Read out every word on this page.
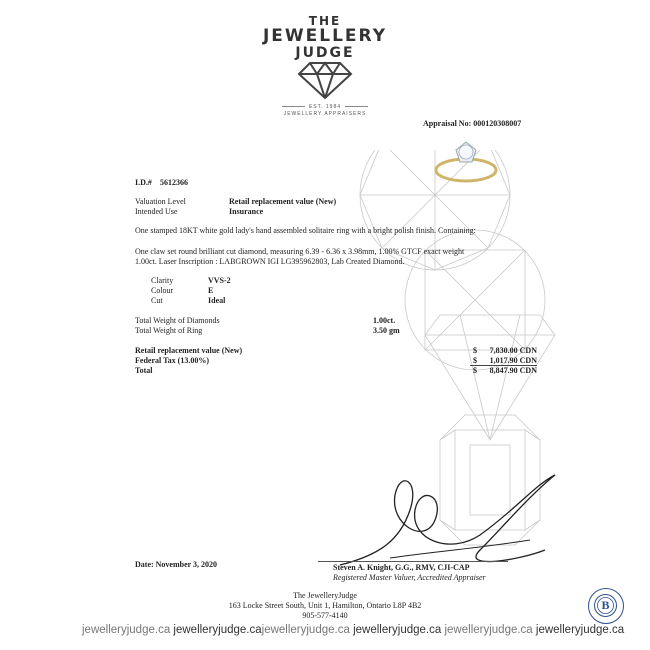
THE
JEWELLERY
JUDGE
EST. 1984
JEWELLERY APPRAISERS
Appraisal No: 000120308007
I.D.# 5612366
Valuation Level	Retail replacement value (New)
Intended Use	Insurance
One stamped 18KT white gold lady's hand assembled solitaire ring with a bright polish finish. Containing:
One claw set round brilliant cut diamond, measuring 6.39 - 6.36 x 3.98mm, 1.00% GTCF exact weight
1.00ct. Laser Inscription : LABGROWN IGI LG395962803, Lab Created Diamond.
Clarity	VVS-2
Colour	E
Cut	Ideal
Total Weight of Diamonds	1.00ct.
Total Weight of Ring	3.50 gm
Retail replacement value (New)	$	7,830.00 CDN
Federal Tax (13.00%)	$	1,017.90 CDN
Total	$	8,847.90 CDN
Date: November 3, 2020	Steven A. Knight, G.G., RMV, CJI-CAP
Registered Master Valuer, Accredited Appraiser
The JewelleryJudge
163 Locke Street South, Unit 1, Hamilton, Ontario L8P 4B2
905-577-4140
jewelleryjudge.ca jewelleryjudge.cajewelleryjudge.ca jewelleryjudge.ca jewelleryjudge.ca jewelleryjudge.ca
B
